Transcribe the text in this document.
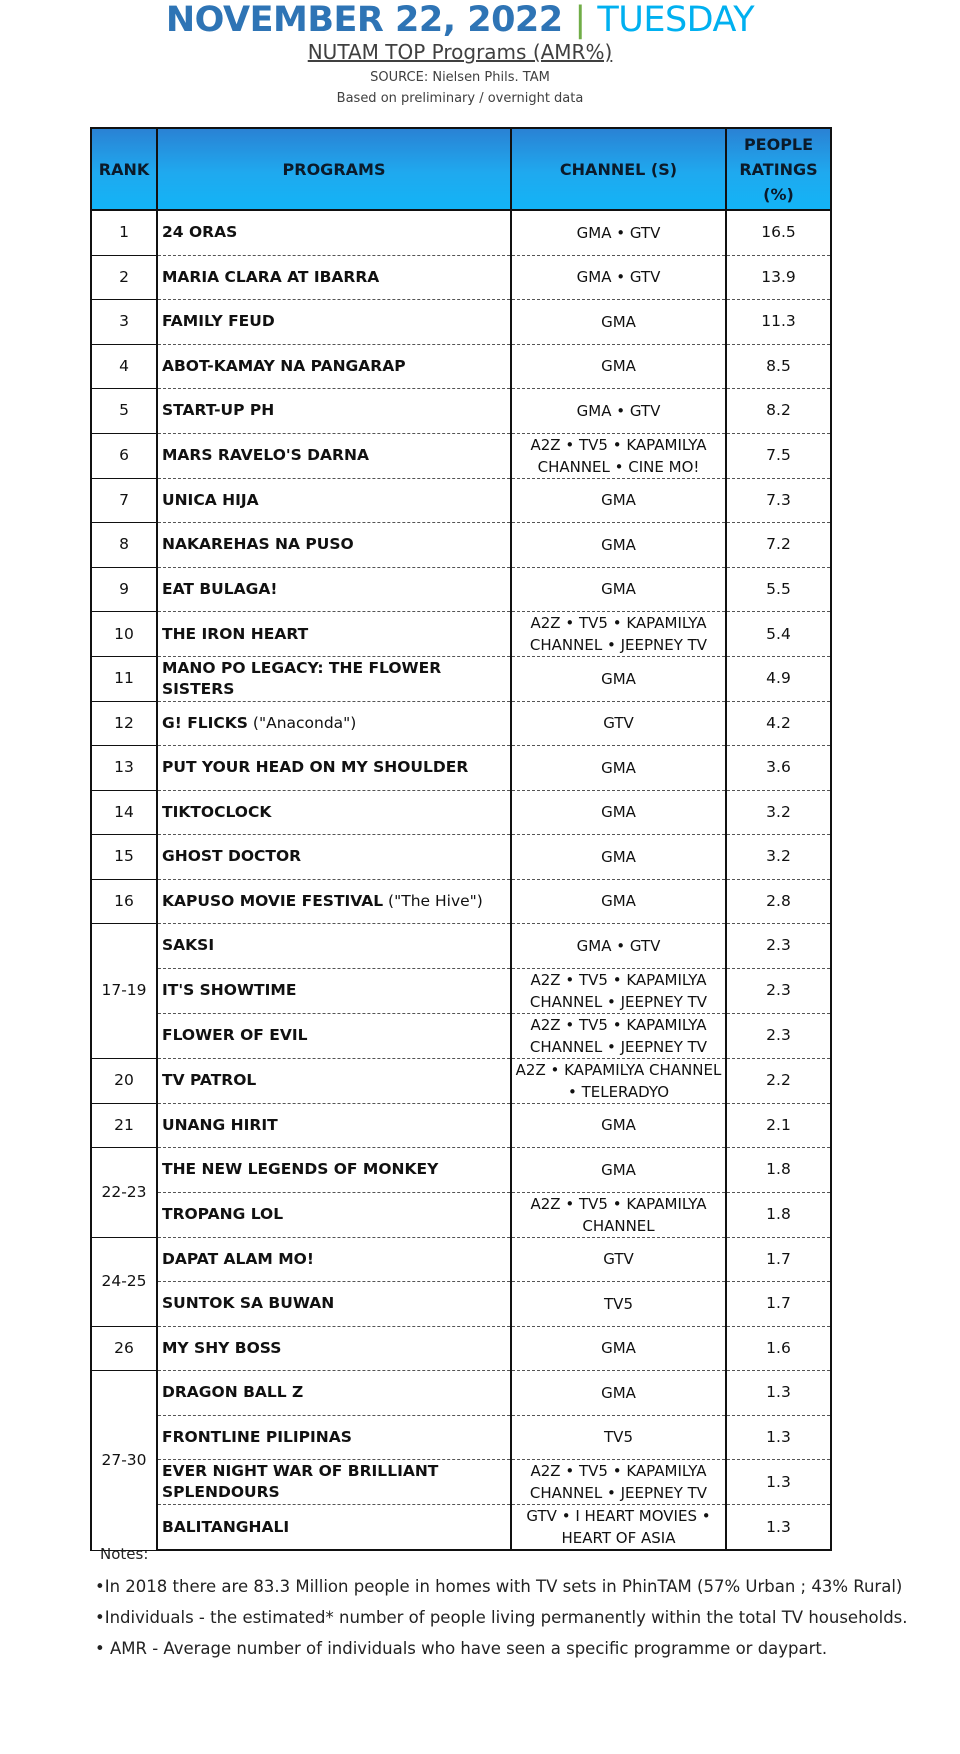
NOVEMBER 22, 2022 | TUESDAY
NUTAM TOP Programs (AMR%)
SOURCE: Nielsen Phils. TAM
Based on preliminary / overnight data
RANK	PROGRAMS	CHANNEL (S)	PEOPLE RATINGS (%)
1	24 ORAS	GMA • GTV	16.5
2	MARIA CLARA AT IBARRA	GMA • GTV	13.9
3	FAMILY FEUD	GMA	11.3
4	ABOT-KAMAY NA PANGARAP	GMA	8.5
5	START-UP PH	GMA • GTV	8.2
6	MARS RAVELO'S DARNA	A2Z • TV5 • KAPAMILYA CHANNEL • CINE MO!	7.5
7	UNICA HIJA	GMA	7.3
8	NAKAREHAS NA PUSO	GMA	7.2
9	EAT BULAGA!	GMA	5.5
10	THE IRON HEART	A2Z • TV5 • KAPAMILYA CHANNEL • JEEPNEY TV	5.4
11	MANO PO LEGACY: THE FLOWER SISTERS	GMA	4.9
12	G! FLICKS ("Anaconda")	GTV	4.2
13	PUT YOUR HEAD ON MY SHOULDER	GMA	3.6
14	TIKTOCLOCK	GMA	3.2
15	GHOST DOCTOR	GMA	3.2
16	KAPUSO MOVIE FESTIVAL ("The Hive")	GMA	2.8
17-19	SAKSI	GMA • GTV	2.3
	IT'S SHOWTIME	A2Z • TV5 • KAPAMILYA CHANNEL • JEEPNEY TV	2.3
	FLOWER OF EVIL	A2Z • TV5 • KAPAMILYA CHANNEL • JEEPNEY TV	2.3
20	TV PATROL	A2Z • KAPAMILYA CHANNEL • TELERADYO	2.2
21	UNANG HIRIT	GMA	2.1
22-23	THE NEW LEGENDS OF MONKEY	GMA	1.8
	TROPANG LOL	A2Z • TV5 • KAPAMILYA CHANNEL	1.8
24-25	DAPAT ALAM MO!	GTV	1.7
	SUNTOK SA BUWAN	TV5	1.7
26	MY SHY BOSS	GMA	1.6
27-30	DRAGON BALL Z	GMA	1.3
	FRONTLINE PILIPINAS	TV5	1.3
	EVER NIGHT WAR OF BRILLIANT SPLENDOURS	A2Z • TV5 • KAPAMILYA CHANNEL • JEEPNEY TV	1.3
	BALITANGHALI	GTV • I HEART MOVIES • HEART OF ASIA	1.3
Notes:
•In 2018 there are 83.3 Million people in homes with TV sets in PhinTAM (57% Urban ; 43% Rural)
•Individuals - the estimated* number of people living permanently within the total TV households.
• AMR - Average number of individuals who have seen a specific programme or daypart.
